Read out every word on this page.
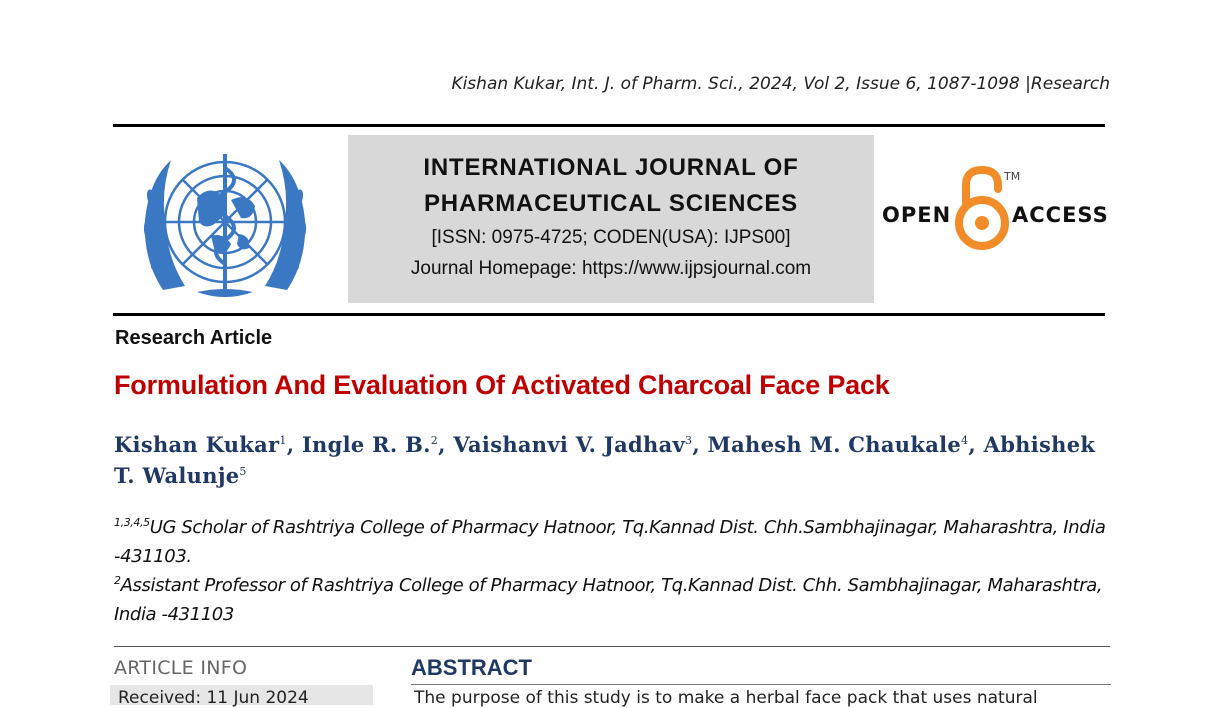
Kishan Kukar, Int. J. of Pharm. Sci., 2024, Vol 2, Issue 6, 1087-1098 |Research
INTERNATIONAL JOURNAL OF
PHARMACEUTICAL SCIENCES
[ISSN: 0975-4725; CODEN(USA): IJPS00]
Journal Homepage: https://www.ijpsjournal.com
OPEN
TM
ACCESS
Research Article
Formulation And Evaluation Of Activated Charcoal Face Pack
Kishan Kukar$^1$, Ingle R. B.$^2$, Vaishanvi V. Jadhav$^3$, Mahesh M. Chaukale$^4$, Abhishek T. Walunje$^5$
$^{1,3,4,5}$UG Scholar of Rashtriya College of Pharmacy Hatnoor, Tq.Kannad Dist. Chh.Sambhajinagar, Maharashtra, India -431103.
$^2$Assistant Professor of Rashtriya College of Pharmacy Hatnoor, Tq.Kannad Dist. Chh. Sambhajinagar, Maharashtra, India -431103
ARTICLE INFO
Received: 11 Jun 2024
ABSTRACT
The purpose of this study is to make a herbal face pack that uses natural
